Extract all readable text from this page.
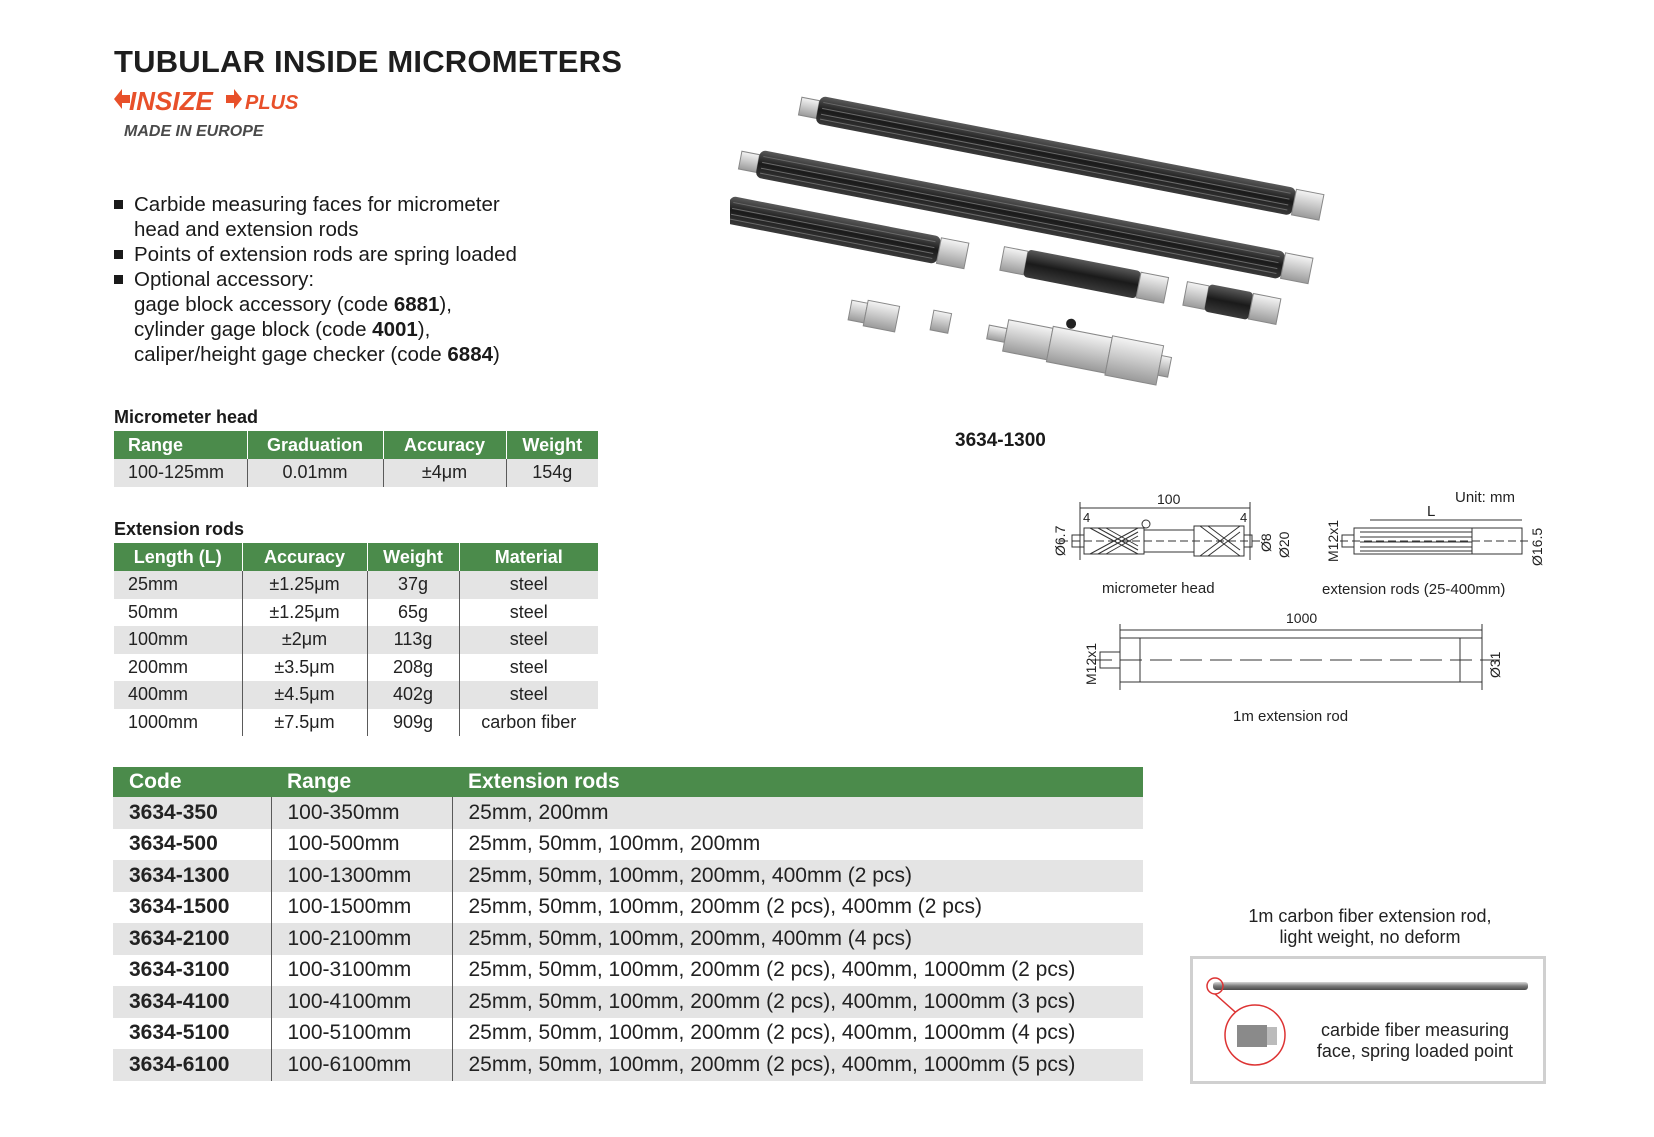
TUBULAR INSIDE MICROMETERS
INSIZE PLUS
MADE IN EUROPE
Carbide measuring faces for micrometer
head and extension rods
Points of extension rods are spring loaded
Optional accessory:
gage block accessory (code 6881),
cylinder gage block (code 4001),
caliper/height gage checker (code 6884)
Micrometer head
Range	Graduation	Accuracy	Weight
100-125mm	0.01mm	±4μm	154g
Extension rods
Length (L)	Accuracy	Weight	Material
25mm	±1.25μm	37g	steel
50mm	±1.25μm	65g	steel
100mm	±2μm	113g	steel
200mm	±3.5μm	208g	steel
400mm	±4.5μm	402g	steel
1000mm	±7.5μm	909g	carbon fiber
Code	Range	Extension rods
3634-350	100-350mm	25mm, 200mm
3634-500	100-500mm	25mm, 50mm, 100mm, 200mm
3634-1300	100-1300mm	25mm, 50mm, 100mm, 200mm, 400mm (2 pcs)
3634-1500	100-1500mm	25mm, 50mm, 100mm, 200mm (2 pcs), 400mm (2 pcs)
3634-2100	100-2100mm	25mm, 50mm, 100mm, 200mm, 400mm (4 pcs)
3634-3100	100-3100mm	25mm, 50mm, 100mm, 200mm (2 pcs), 400mm, 1000mm (2 pcs)
3634-4100	100-4100mm	25mm, 50mm, 100mm, 200mm (2 pcs), 400mm, 1000mm (3 pcs)
3634-5100	100-5100mm	25mm, 50mm, 100mm, 200mm (2 pcs), 400mm, 1000mm (4 pcs)
3634-6100	100-6100mm	25mm, 50mm, 100mm, 200mm (2 pcs), 400mm, 1000mm (5 pcs)
3634-1300
Unit: mm
100
4	4
Ø6.7	Ø8 Ø20
micrometer head
L
M12x1	Ø16.5
extension rods (25-400mm)
1000
M12x1	Ø31
1m extension rod
1m carbon fiber extension rod,
light weight, no deform
carbide fiber measuring
face, spring loaded point
